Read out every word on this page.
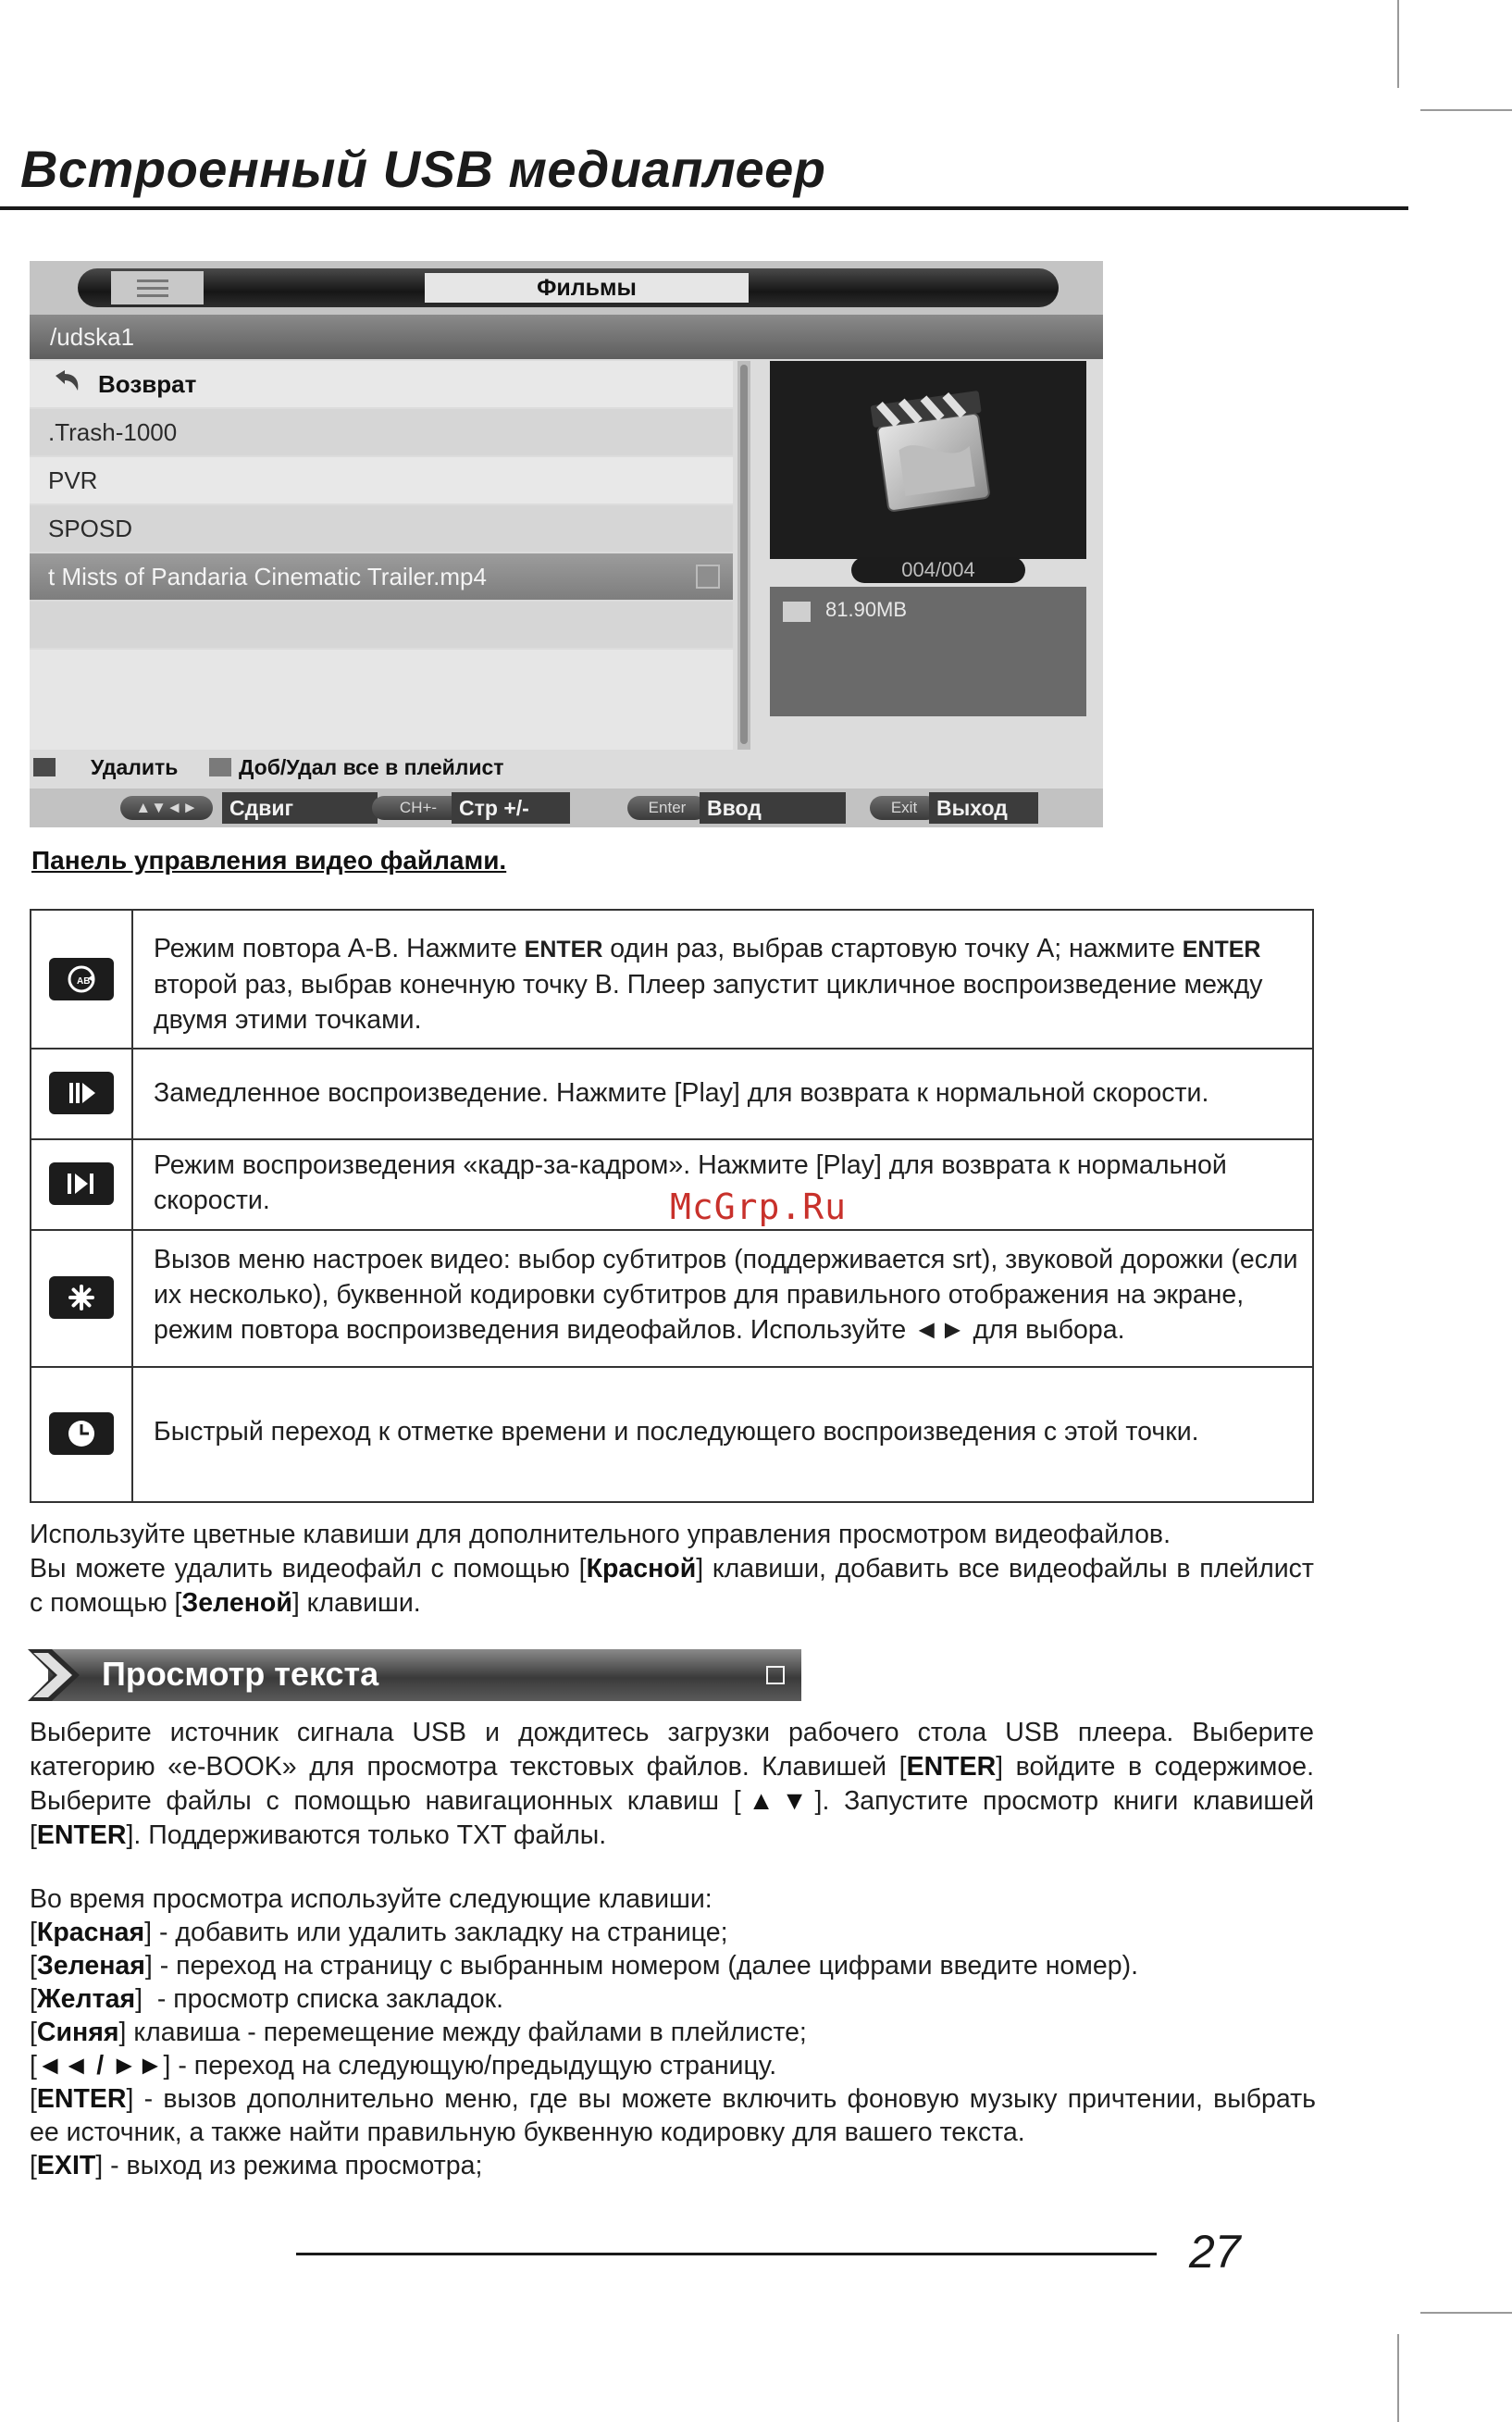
Встроенный USB медиаплеер
Фильмы
/udska1
Возврат
.Trash-1000
PVR
SPOSD
t Mists of Pandaria Cinematic Trailer.mp4	004/004
81.90MB
Удалить	Доб/Удал все в плейлист
▲▼◄►	Сдвиг	CH+-	Стр +/-	Enter Ввод	Exit Выход
Панель управления видео файлами.
AB
Режим повтора A-B. Нажмите ENTER один раз, выбрав стартовую точку A; нажмите ENTER второй раз, выбрав конечную точку B. Плеер запустит цикличное воспроизведение между двумя этими точками.
Замедленное воспроизведение. Нажмите [Play] для возврата к нормальной скорости.
Режим воспроизведения «кадр-за-кадром». Нажмите [Play] для возврата к нормальной скорости.
Вызов меню настроек видео: выбор субтитров (поддерживается srt), звуковой дорожки (если их несколько), буквенной кодировки субтитров для правильного отображения на экране, режим повтора воспроизведения видеофайлов. Используйте ◄► для выбора.
Быстрый переход к отметке времени и последующего воспроизведения с этой точки.
McGrp.Ru
Используйте цветные клавиши для дополнительного управления просмотром видеофайлов.
Вы можете удалить видеофайл с помощью [Красной] клавиши, добавить все видеофайлы в плейлист с помощью [Зеленой] клавиши.
Просмотр текста
Выберите источник сигнала USB и дождитесь загрузки рабочего стола USB плеера. Выберите категорию «e-BOOK» для просмотра текстовых файлов. Клавишей [ENTER] войдите в содержимое. Выберите файлы с помощью навигационных клавиш [▲▼]. Запустите просмотр книги клавишей [ENTER]. Поддерживаются только TXT файлы.
Во время просмотра используйте следующие клавиши:
[Красная] - добавить или удалить закладку на странице;
[Зеленая] - переход на страницу с выбранным номером (далее цифрами введите номер).
[Желтая]  - просмотр списка закладок.
[Синяя] клавиша - перемещение между файлами в плейлисте;
[◄◄ / ►►] - переход на следующую/предыдущую страницу.
[ENTER] - вызов дополнительно меню, где вы можете включить фоновую музыку причтении, выбрать ее источник, а также найти правильную буквенную кодировку для вашего текста.
[EXIT] - выход из режима просмотра;
27
